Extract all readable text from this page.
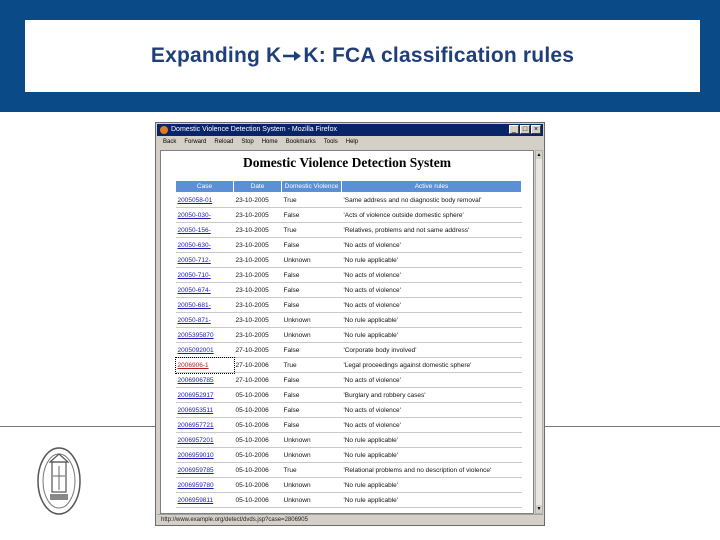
Expanding K K: FCA classification rules
Domestic Violence Detection System - Mozilla Firefox	_ □ ×
Back Forward Reload Stop Home Bookmarks Tools Help
Domestic Violence Detection System
Case	Date	Domestic Violence	Active rules
2005058-01	23-10-2005	True	'Same address and no diagnostic body removal'
20050-030-	23-10-2005	False	'Acts of violence outside domestic sphere'
20050-156-	23-10-2005	True	'Relatives, problems and not same address'
20050-630-	23-10-2005	False	'No acts of violence'
20050-712-	23-10-2005	Unknown	'No rule applicable'
20050-710-	23-10-2005	False	'No acts of violence'
20050-674-	23-10-2005	False	'No acts of violence'
20050-681-	23-10-2005	False	'No acts of violence'
20050-871-	23-10-2005	Unknown	'No rule applicable'
2005395870	23-10-2005	Unknown	'No rule applicable'
2005092001	27-10-2005	False	'Corporate body involved'
2006906-1	27-10-2006	True	'Legal proceedings against domestic sphere'
2006906785	27-10-2006	False	'No acts of violence'
2006952917	05-10-2006	False	'Burglary and robbery cases'
2006953511	05-10-2006	False	'No acts of violence'
2006957721	05-10-2006	False	'No acts of violence'
2006957201	05-10-2006	Unknown	'No rule applicable'
2006959010	05-10-2006	Unknown	'No rule applicable'
2006959785	05-10-2006	True	'Relational problems and no description of violence'
2006959780	05-10-2006	Unknown	'No rule applicable'
2006959811	05-10-2006	Unknown	'No rule applicable'
▲
▼
http://www.example.org/detect/dvds.jsp?case=2806905
